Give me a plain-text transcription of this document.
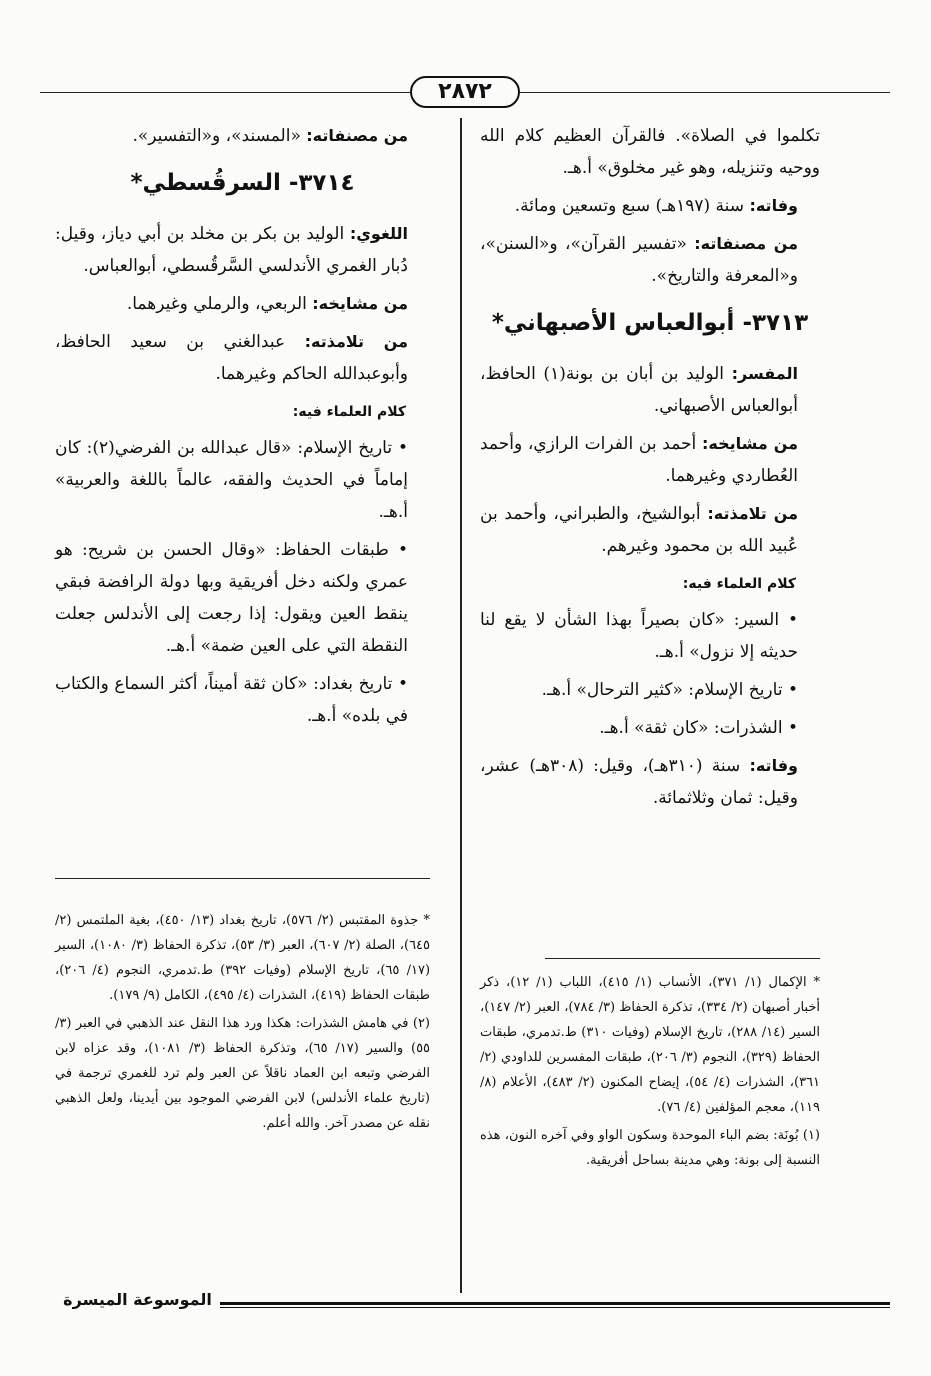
٢٨٧٢

تكلموا في الصلاة». فالقرآن العظيم كلام الله ووحيه وتنزيله، وهو غير مخلوق» أ.هـ.

وفاته: سنة (١٩٧هـ) سبع وتسعين ومائة.

من مصنفاته: «تفسير القرآن»، و«السنن»، و«المعرفة والتاريخ».

٣٧١٣- أبوالعباس الأصبهاني*

المفسر: الوليد بن أبان بن بونة(١) الحافظ، أبوالعباس الأصبهاني.

من مشايخه: أحمد بن الفرات الرازي، وأحمد العُطاردي وغيرهما.

من تلامذته: أبوالشيخ، والطبراني، وأحمد بن عُبيد الله بن محمود وغيرهم.

كلام العلماء فيه:

• السير: «كان بصيراً بهذا الشأن لا يقع لنا حديثه إلا نزول» أ.هـ.

• تاريخ الإسلام: «كثير الترحال» أ.هـ.

• الشذرات: «كان ثقة» أ.هـ.

وفاته: سنة (٣١٠هـ)، وقيل: (٣٠٨هـ) عشر، وقيل: ثمان وثلاثمائة.

* الإكمال (١/ ٣٧١)، الأنساب (١/ ٤١٥)، اللباب (١/ ١٢)، ذكر أخبار أصبهان (٢/ ٣٣٤)، تذكرة الحفاظ (٣/ ٧٨٤)، العبر (٢/ ١٤٧)، السير (١٤/ ٢٨٨)، تاريخ الإسلام (وفيات ٣١٠) ط.تدمري، طبقات الحفاظ (٣٢٩)، النجوم (٣/ ٢٠٦)، طبقات المفسرين للداودي (٢/ ٣٦١)، الشذرات (٤/ ٥٤)، إيضاح المكنون (٢/ ٤٨٣)، الأعلام (٨/ ١١٩)، معجم المؤلفين (٤/ ٧٦).

(١) بُونَة: بضم الباء الموحدة وسكون الواو وفي آخره النون، هذه النسبة إلى بونة: وهي مدينة بساحل أفريقية.

من مصنفاته: «المسند»، و«التفسير».

٣٧١٤- السرقُسطي*

اللغوي: الوليد بن بكر بن مخلد بن أبي دياز، وقيل: دُبار الغمري الأندلسي السَّرقُسطي، أبوالعباس.

من مشايخه: الربعي، والرملي وغيرهما.

من تلامذته: عبدالغني بن سعيد الحافظ، وأبوعبدالله الحاكم وغيرهما.

كلام العلماء فيه:

• تاريخ الإسلام: «قال عبدالله بن الفرضي(٢): كان إماماً في الحديث والفقه، عالماً باللغة والعربية» أ.هـ.

• طبقات الحفاظ: «وقال الحسن بن شريح: هو عمري ولكنه دخل أفريقية وبها دولة الرافضة فبقي ينقط العين ويقول: إذا رجعت إلى الأندلس جعلت النقطة التي على العين ضمة» أ.هـ.

• تاريخ بغداد: «كان ثقة أميناً، أكثر السماع والكتاب في بلده» أ.هـ.

* جذوة المقتبس (٢/ ٥٧٦)، تاريخ بغداد (١٣/ ٤٥٠)، بغية الملتمس (٢/ ٦٤٥)، الصلة (٢/ ٦٠٧)، العبر (٣/ ٥٣)، تذكرة الحفاظ (٣/ ١٠٨٠)، السير (١٧/ ٦٥)، تاريخ الإسلام (وفيات ٣٩٢) ط.تدمري، النجوم (٤/ ٢٠٦)، طبقات الحفاظ (٤١٩)، الشذرات (٤/ ٤٩٥)، الكامل (٩/ ١٧٩).

(٢) في هامش الشذرات: هكذا ورد هذا النقل عند الذهبي في العبر (٣/ ٥٥) والسير (١٧/ ٦٥)، وتذكرة الحفاظ (٣/ ١٠٨١)، وقد عزاه لابن الفرضي وتبعه ابن العماد ناقلاً عن العبر ولم ترد للغمري ترجمة في (تاريخ علماء الأندلس) لابن الفرضي الموجود بين أيدينا، ولعل الذهبي نقله عن مصدر آخر. والله أعلم.

الموسوعة الميسرة
